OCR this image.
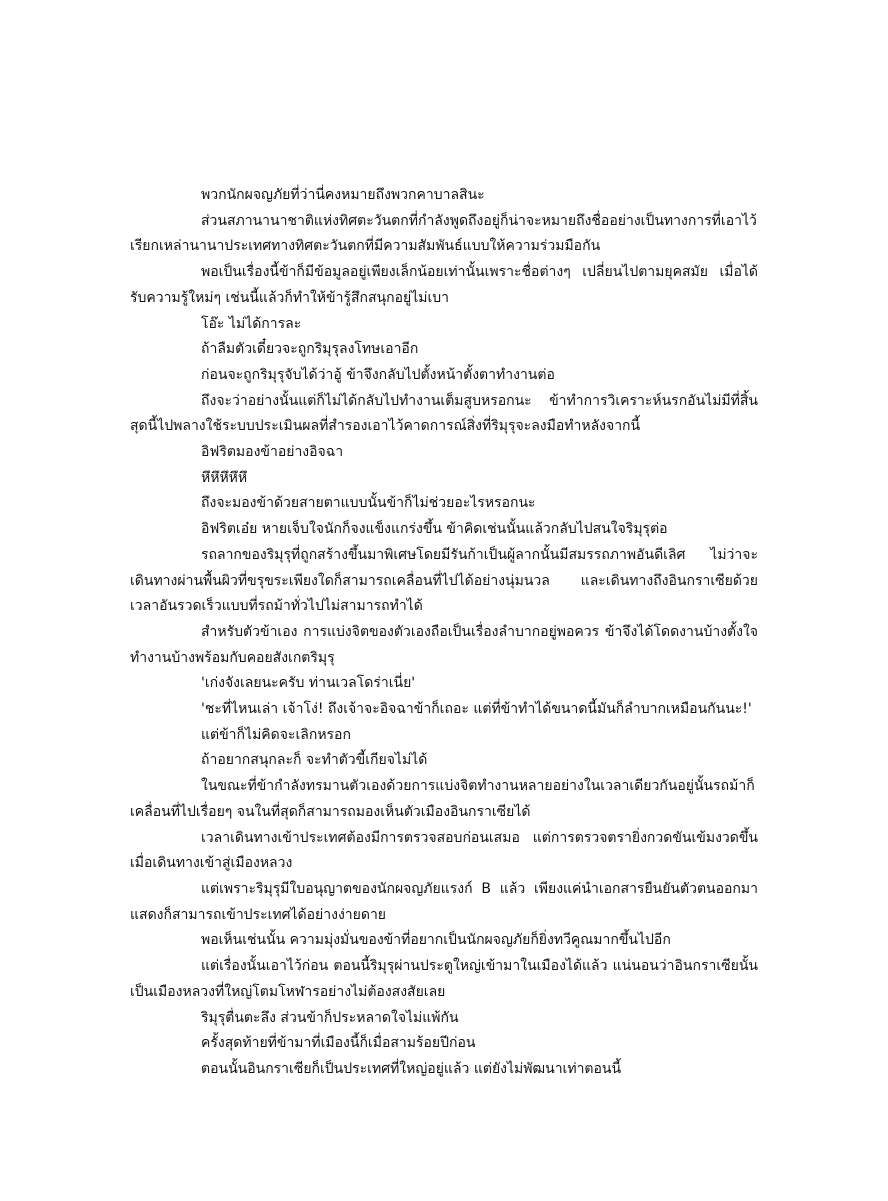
พวกนักผจญภัยที่ว่านี่คงหมายถึงพวกคาบาลสินะ

ส่วนสภานานาชาติแห่งทิศตะวันตกที่กำลังพูดถึงอยู่ก็น่าจะหมายถึงชื่ออย่างเป็นทางการที่เอาไว้เรียกเหล่านานาประเทศทางทิศตะวันตกที่มีความสัมพันธ์แบบให้ความร่วมมือกัน

พอเป็นเรื่องนี้ข้าก็มีข้อมูลอยู่เพียงเล็กน้อยเท่านั้นเพราะชื่อต่างๆ เปลี่ยนไปตามยุคสมัย เมื่อได้รับความรู้ใหม่ๆ เช่นนี้แล้วก็ทำให้ข้ารู้สึกสนุกอยู่ไม่เบา

โอ๊ะ ไม่ได้การละ

ถ้าลืมตัวเดี๋ยวจะถูกริมุรุลงโทษเอาอีก

ก่อนจะถูกริมุรุจับได้ว่าอู้ ข้าจึงกลับไปตั้งหน้าตั้งตาทำงานต่อ

ถึงจะว่าอย่างนั้นแต่ก็ไม่ได้กลับไปทำงานเต็มสูบหรอกนะ ข้าทำการวิเคราะห์นรกอันไม่มีที่สิ้นสุดนี้ไปพลางใช้ระบบประเมินผลที่สำรองเอาไว้คาดการณ์สิ่งที่ริมุรุจะลงมือทำหลังจากนี้

อิฟริตมองข้าอย่างอิจฉา

หึหึหึหึหึ

ถึงจะมองข้าด้วยสายตาแบบนั้นข้าก็ไม่ช่วยอะไรหรอกนะ

อิฟริตเอ๋ย หายเจ็บใจนักก็จงแข็งแกร่งขึ้น ข้าคิดเช่นนั้นแล้วกลับไปสนใจริมุรุต่อ

รถลากของริมุรุที่ถูกสร้างขึ้นมาพิเศษโดยมีรันก้าเป็นผู้ลากนั้นมีสมรรถภาพอันดีเลิศ ไม่ว่าจะเดินทางผ่านพื้นผิวที่ขรุขระเพียงใดก็สามารถเคลื่อนที่ไปได้อย่างนุ่มนวล และเดินทางถึงอินกราเซียด้วยเวลาอันรวดเร็วแบบที่รถม้าทั่วไปไม่สามารถทำได้

สำหรับตัวข้าเอง การแบ่งจิตของตัวเองถือเป็นเรื่องลำบากอยู่พอควร ข้าจึงได้โดดงานบ้างตั้งใจทำงานบ้างพร้อมกับคอยสังเกตริมุรุ

'เก่งจังเลยนะครับ ท่านเวลโดร่าเนี่ย'

'ชะที่ไหนเล่า เจ้าโง่! ถึงเจ้าจะอิจฉาข้าก็เถอะ แต่ที่ข้าทำได้ขนาดนี้มันก็ลำบากเหมือนกันนะ!'

แต่ข้าก็ไม่คิดจะเลิกหรอก

ถ้าอยากสนุกละก็ จะทำตัวขี้เกียจไม่ได้

ในขณะที่ข้ากำลังทรมานตัวเองด้วยการแบ่งจิตทำงานหลายอย่างในเวลาเดียวกันอยู่นั้นรถม้าก็เคลื่อนที่ไปเรื่อยๆ จนในที่สุดก็สามารถมองเห็นตัวเมืองอินกราเซียได้

เวลาเดินทางเข้าประเทศต้องมีการตรวจสอบก่อนเสมอ แต่การตรวจตรายิ่งกวดขันเข้มงวดขึ้นเมื่อเดินทางเข้าสู่เมืองหลวง

แต่เพราะริมุรุมีใบอนุญาตของนักผจญภัยแรงก์ B แล้ว เพียงแค่นำเอกสารยืนยันตัวตนออกมาแสดงก็สามารถเข้าประเทศได้อย่างง่ายดาย

พอเห็นเช่นนั้น ความมุ่งมั่นของข้าที่อยากเป็นนักผจญภัยก็ยิ่งทวีคูณมากขึ้นไปอีก

แต่เรื่องนั้นเอาไว้ก่อน ตอนนี้ริมุรุผ่านประตูใหญ่เข้ามาในเมืองได้แล้ว แน่นอนว่าอินกราเซียนั้นเป็นเมืองหลวงที่ใหญ่โตมโหฬารอย่างไม่ต้องสงสัยเลย

ริมุรุตื่นตะลึง ส่วนข้าก็ประหลาดใจไม่แพ้กัน

ครั้งสุดท้ายที่ข้ามาที่เมืองนี้ก็เมื่อสามร้อยปีก่อน

ตอนนั้นอินกราเซียก็เป็นประเทศที่ใหญ่อยู่แล้ว แต่ยังไม่พัฒนาเท่าตอนนี้
